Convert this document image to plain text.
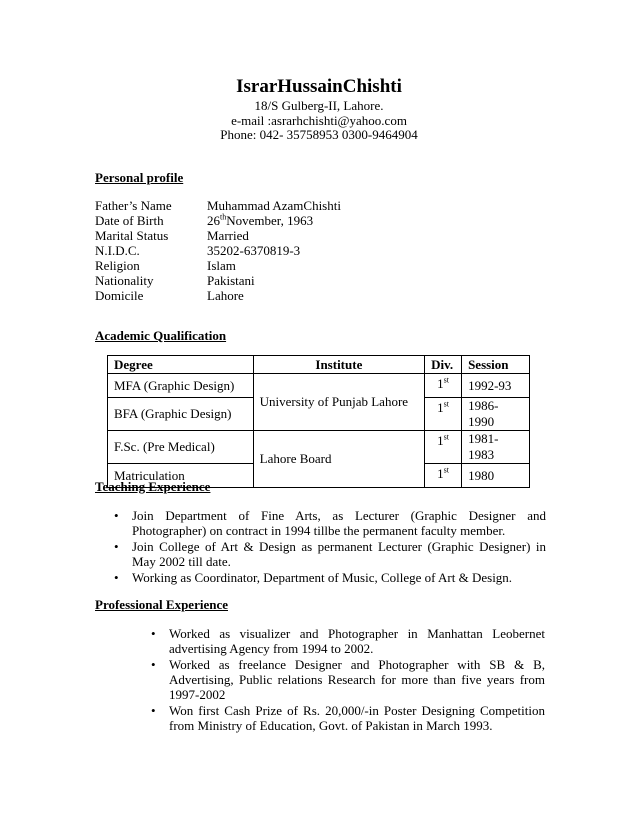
IsrarHussainChishti
18/S Gulberg-II, Lahore.
e-mail :asrarhchishti@yahoo.com
Phone: 042- 35758953 0300-9464904
Personal profile
Father’s Name	Muhammad AzamChishti
Date of Birth	26thNovember, 1963
Marital Status	Married
N.I.D.C.	35202-6370819-3
Religion	Islam
Nationality	Pakistani
Domicile	Lahore
Academic Qualification
Degree	Institute	Div.	Session
MFA (Graphic Design)	University of Punjab Lahore	1st	1992-93
BFA (Graphic Design)		1st	1986-1990
F.Sc. (Pre Medical)	Lahore Board	1st	1981-1983
Matriculation		1st	1980
Teaching Experience
• Join Department of Fine Arts, as Lecturer (Graphic Designer and Photographer) on contract in 1994 tillbe the permanent faculty member.
• Join College of Art & Design as permanent Lecturer (Graphic Designer) in May 2002 till date.
• Working as Coordinator, Department of Music, College of Art & Design.
Professional Experience
• Worked as visualizer and Photographer in Manhattan Leobernet advertising Agency from 1994 to 2002.
• Worked as freelance Designer and Photographer with SB & B, Advertising, Public relations Research for more than five years from 1997-2002
• Won first Cash Prize of Rs. 20,000/-in Poster Designing Competition from Ministry of Education, Govt. of Pakistan in March 1993.
